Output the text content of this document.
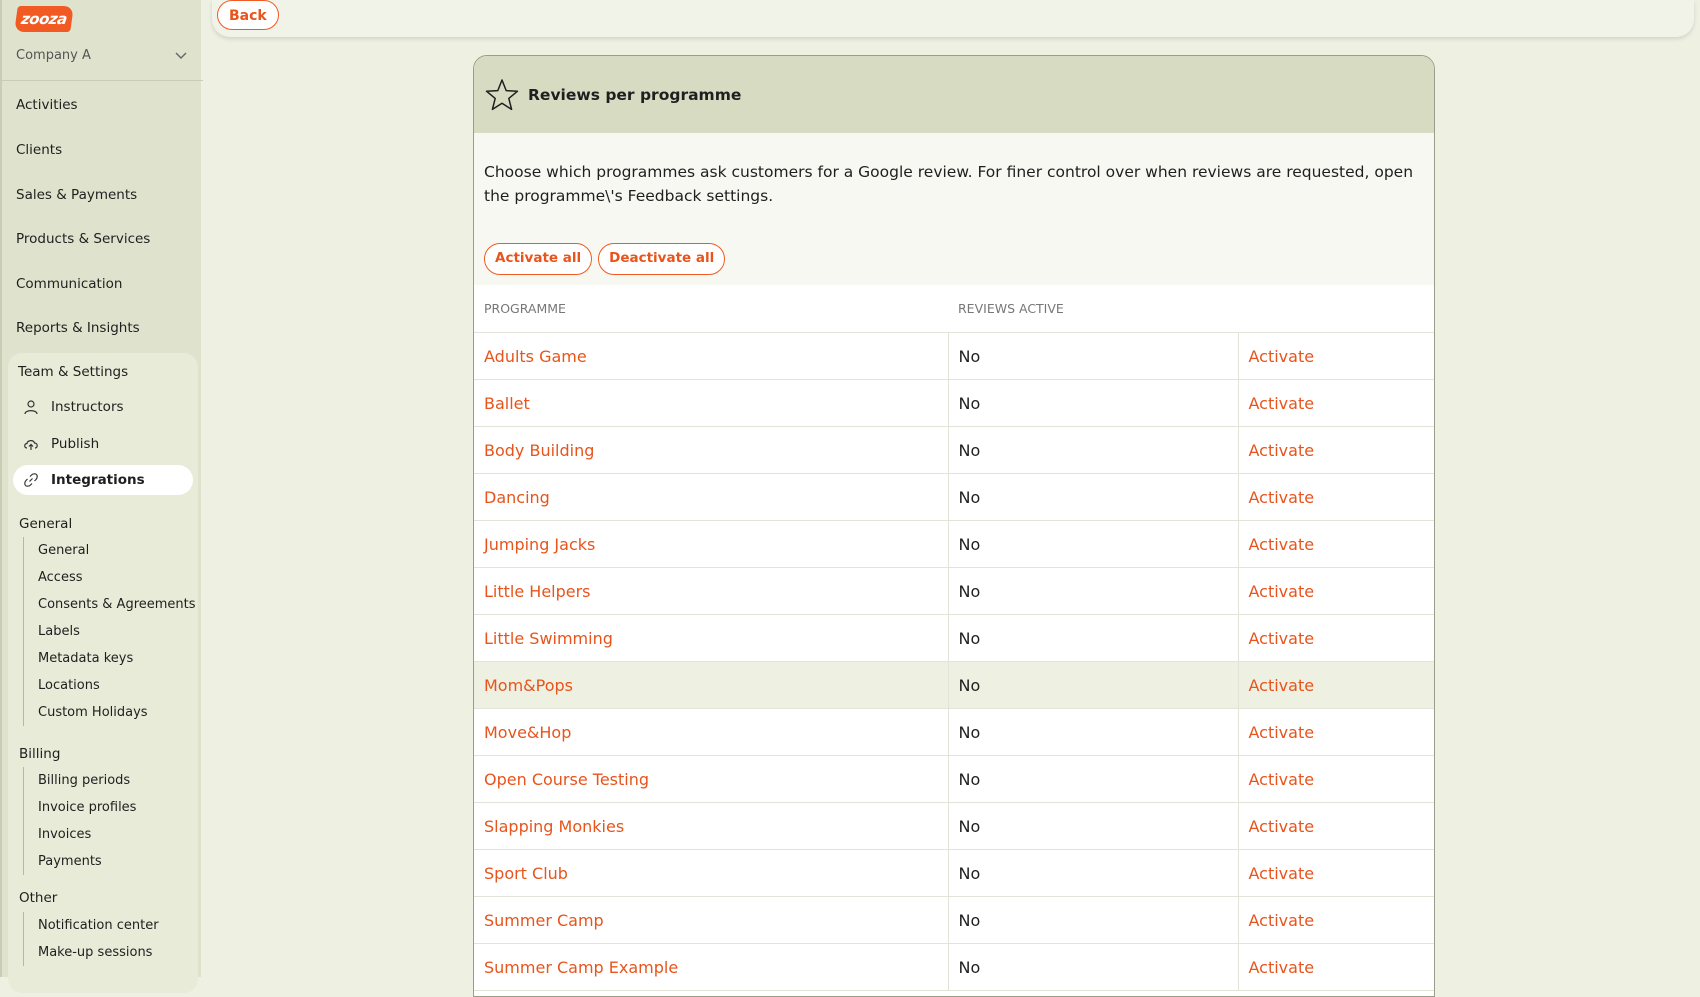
zooza
Company A
Activities
Clients
Sales & Payments
Products & Services
Communication
Reports & Insights
Team & Settings
Instructors
Publish
Integrations
General
General
Access
Consents & Agreements
Labels
Metadata keys
Locations
Custom Holidays
Billing
Billing periods
Invoice profiles
Invoices
Payments
Other
Notification center
Make-up sessions
Back
Reviews per programme
Choose which programmes ask customers for a Google review. For finer control over when reviews are requested, open the programme\'s Feedback settings.
Activate all	Deactivate all
PROGRAMME	REVIEWS ACTIVE	
Adults Game	No	Activate
Ballet	No	Activate
Body Building	No	Activate
Dancing	No	Activate
Jumping Jacks	No	Activate
Little Helpers	No	Activate
Little Swimming	No	Activate
Mom&Pops	No	Activate
Move&Hop	No	Activate
Open Course Testing	No	Activate
Slapping Monkies	No	Activate
Sport Club	No	Activate
Summer Camp	No	Activate
Summer Camp Example	No	Activate
